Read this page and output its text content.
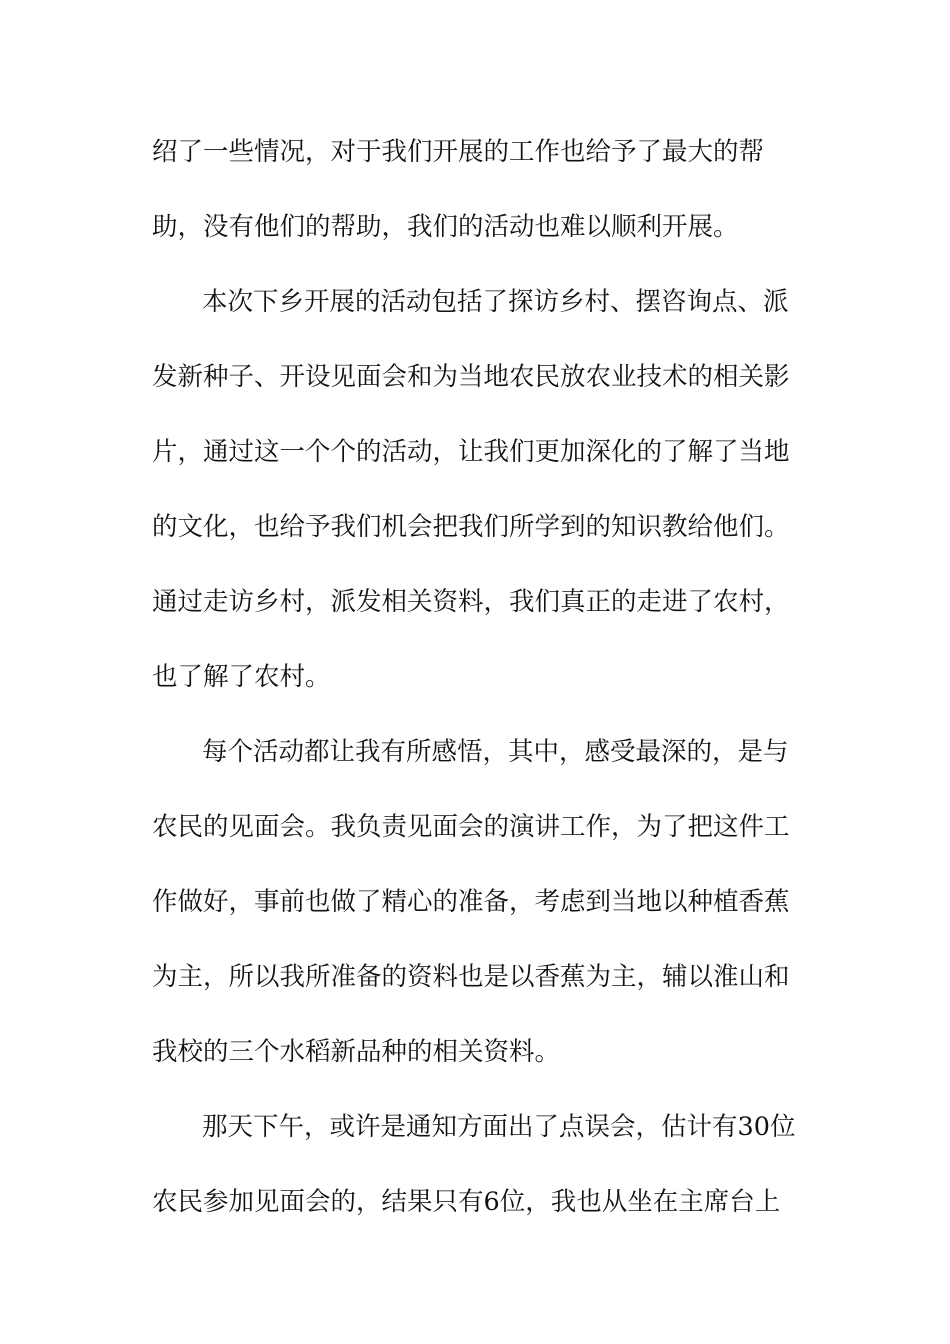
绍了一些情况，对于我们开展的工作也给予了最大的帮
助，没有他们的帮助，我们的活动也难以顺利开展。
本次下乡开展的活动包括了探访乡村、摆咨询点、派
发新种子、开设见面会和为当地农民放农业技术的相关影
片，通过这一个个的活动，让我们更加深化的了解了当地
的文化，也给予我们机会把我们所学到的知识教给他们。
通过走访乡村，派发相关资料，我们真正的走进了农村，
也了解了农村。
每个活动都让我有所感悟，其中，感受最深的，是与
农民的见面会。我负责见面会的演讲工作，为了把这件工
作做好，事前也做了精心的准备，考虑到当地以种植香蕉
为主，所以我所准备的资料也是以香蕉为主，辅以淮山和
我校的三个水稻新品种的相关资料。
那天下午，或许是通知方面出了点误会，估计有30位
农民参加见面会的，结果只有6位，我也从坐在主席台上
